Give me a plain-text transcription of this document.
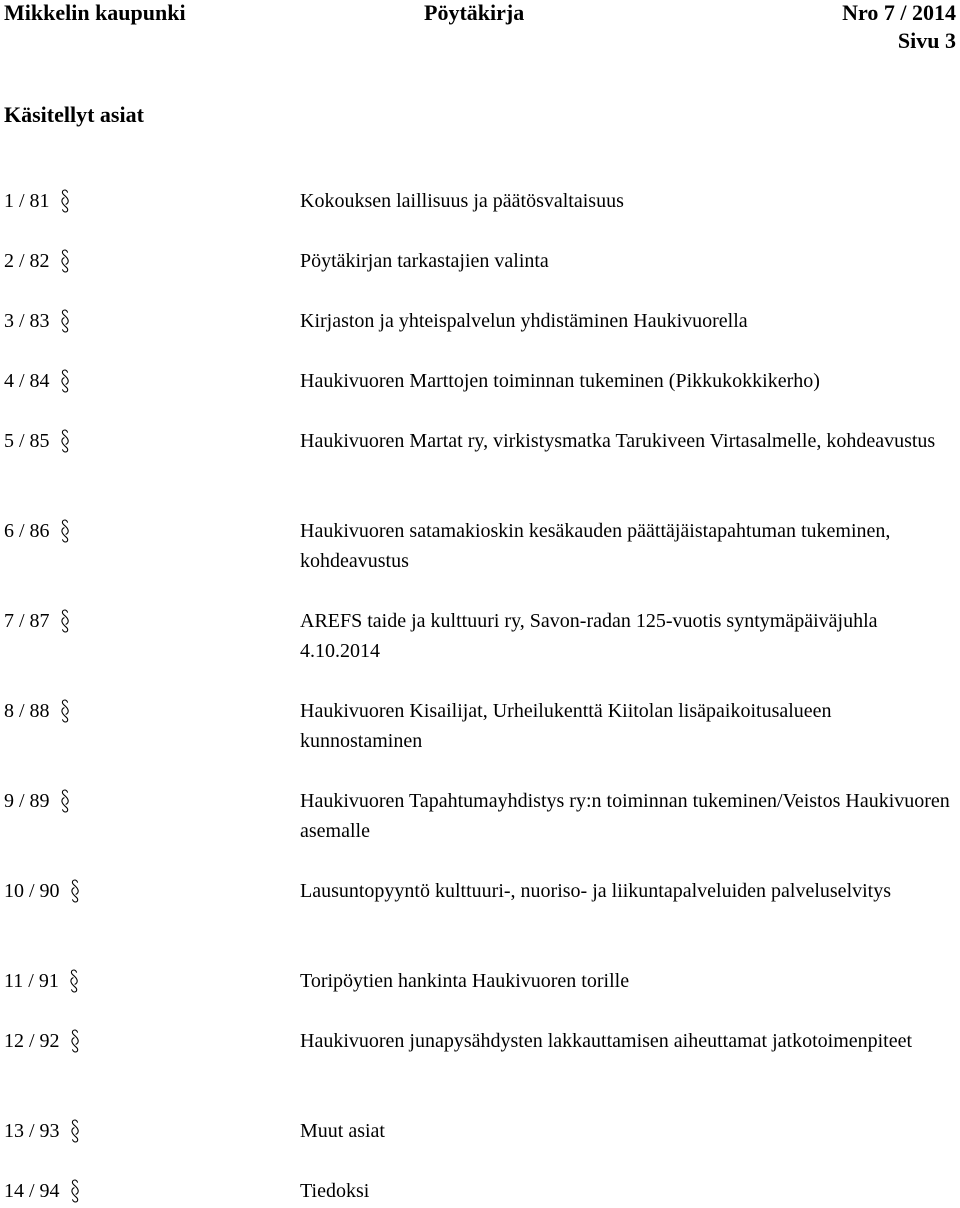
Mikkelin kaupunki	Pöytäkirja	Nro 7 / 2014
Sivu 3
Käsitellyt asiat
1 / 81	Kokouksen laillisuus ja päätösvaltaisuus
2 / 82	Pöytäkirjan tarkastajien valinta
3 / 83	Kirjaston ja yhteispalvelun yhdistäminen Haukivuorella
4 / 84	Haukivuoren Marttojen toiminnan tukeminen (Pikkukokkikerho)
5 / 85	Haukivuoren Martat ry, virkistysmatka Tarukiveen Virtasalmelle, kohdeavustus
6 / 86	Haukivuoren satamakioskin kesäkauden päättäjäistapahtuman tukeminen, kohdeavustus
7 / 87	AREFS taide ja kulttuuri ry, Savon-radan 125-vuotis syntymäpäiväjuhla 4.10.2014
8 / 88	Haukivuoren Kisailijat, Urheilukenttä Kiitolan lisäpaikoitusalueen kunnostaminen
9 / 89	Haukivuoren Tapahtumayhdistys ry:n toiminnan tukeminen/Veistos Haukivuoren asemalle
10 / 90	Lausuntopyyntö kulttuuri-, nuoriso- ja liikuntapalveluiden palveluselvitys
11 / 91	Toripöytien hankinta Haukivuoren torille
12 / 92	Haukivuoren junapysähdysten lakkauttamisen aiheuttamat jatkotoimenpiteet
13 / 93	Muut asiat
14 / 94	Tiedoksi
